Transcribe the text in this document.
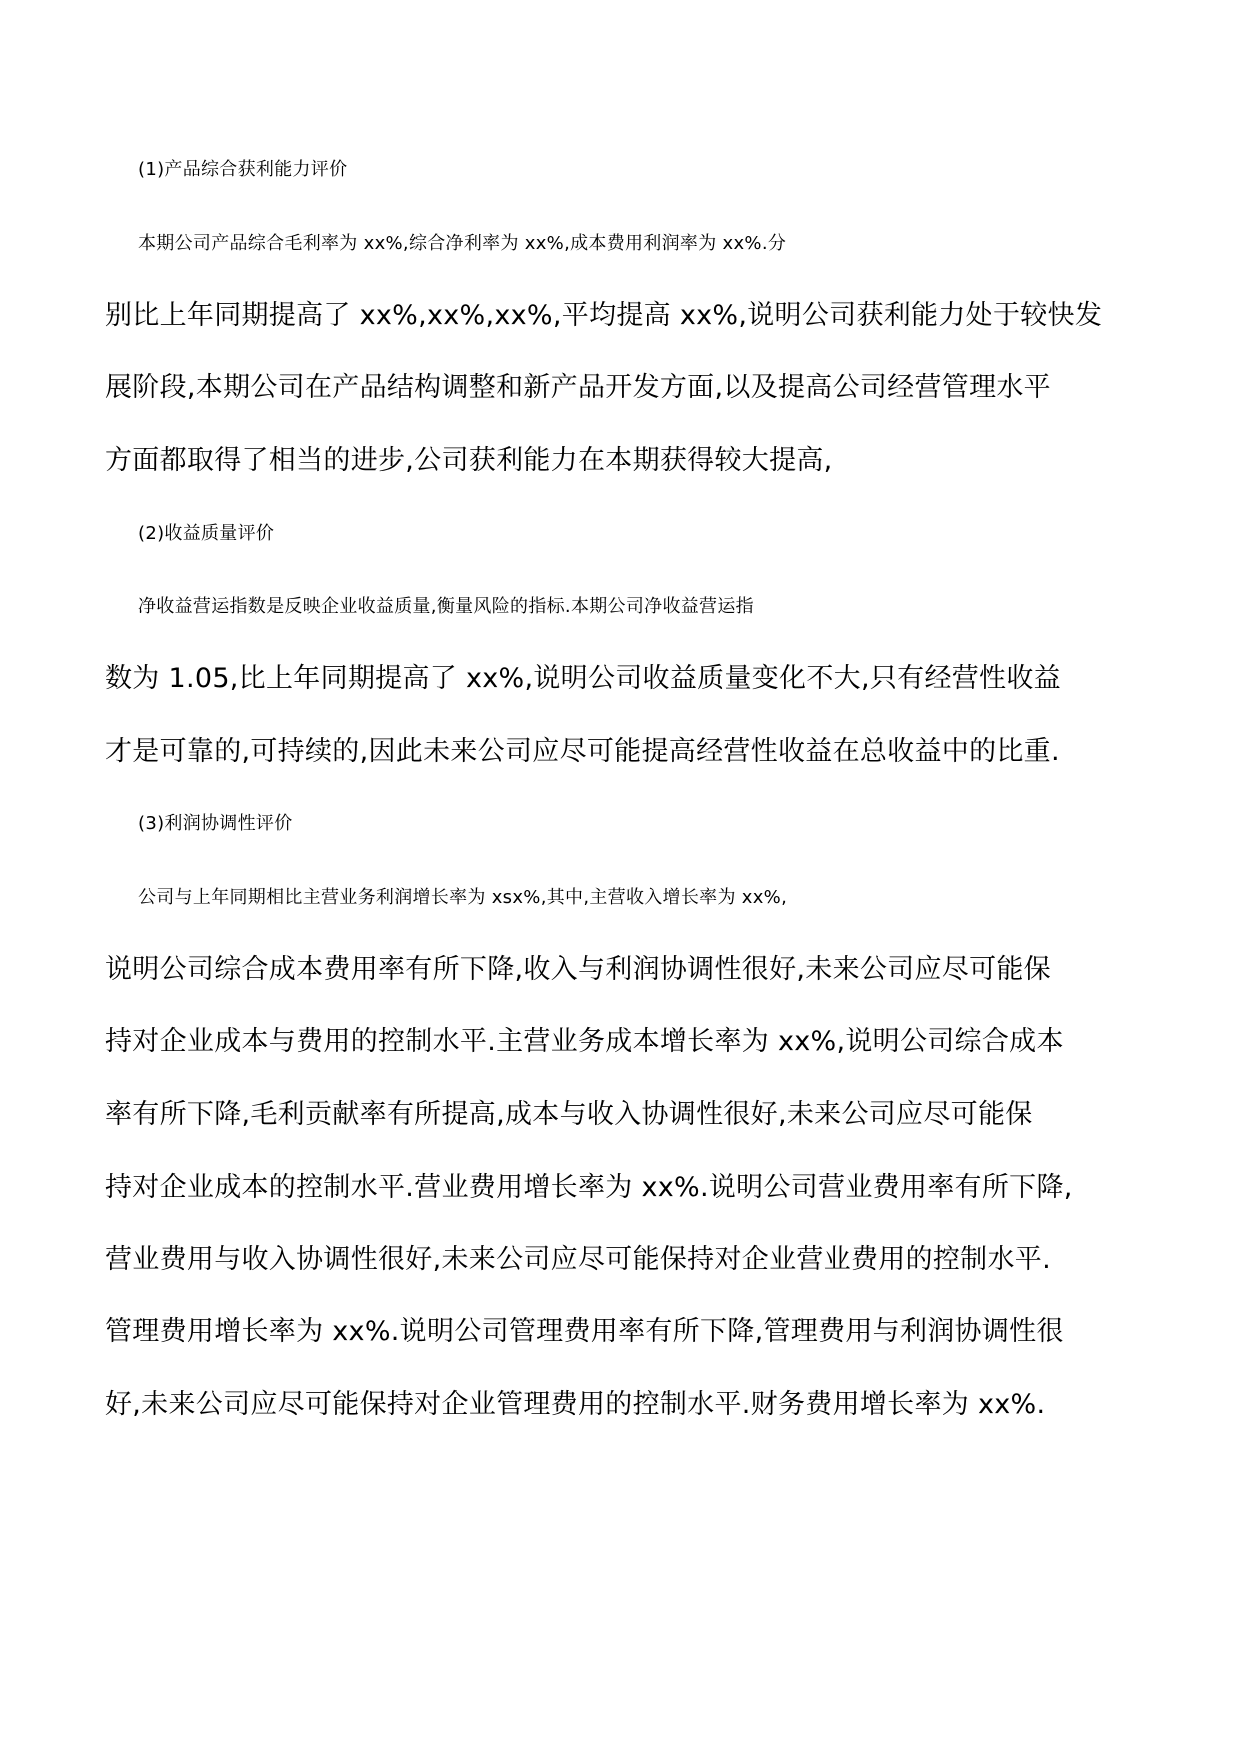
(1)产品综合获利能力评价
本期公司产品综合毛利率为 xx%,综合净利率为 xx%,成本费用利润率为 xx%.分
别比上年同期提高了 xx%,xx%,xx%,平均提高 xx%,说明公司获利能力处于较快发
展阶段,本期公司在产品结构调整和新产品开发方面,以及提高公司经营管理水平
方面都取得了相当的进步,公司获利能力在本期获得较大提高,
(2)收益质量评价
净收益营运指数是反映企业收益质量,衡量风险的指标.本期公司净收益营运指
数为 1.05,比上年同期提高了 xx%,说明公司收益质量变化不大,只有经营性收益
才是可靠的,可持续的,因此未来公司应尽可能提高经营性收益在总收益中的比重.
(3)利润协调性评价
公司与上年同期相比主营业务利润增长率为 xsx%,其中,主营收入增长率为 xx%,
说明公司综合成本费用率有所下降,收入与利润协调性很好,未来公司应尽可能保
持对企业成本与费用的控制水平.主营业务成本增长率为 xx%,说明公司综合成本
率有所下降,毛利贡献率有所提高,成本与收入协调性很好,未来公司应尽可能保
持对企业成本的控制水平.营业费用增长率为 xx%.说明公司营业费用率有所下降,
营业费用与收入协调性很好,未来公司应尽可能保持对企业营业费用的控制水平.
管理费用增长率为 xx%.说明公司管理费用率有所下降,管理费用与利润协调性很
好,未来公司应尽可能保持对企业管理费用的控制水平.财务费用增长率为 xx%.
